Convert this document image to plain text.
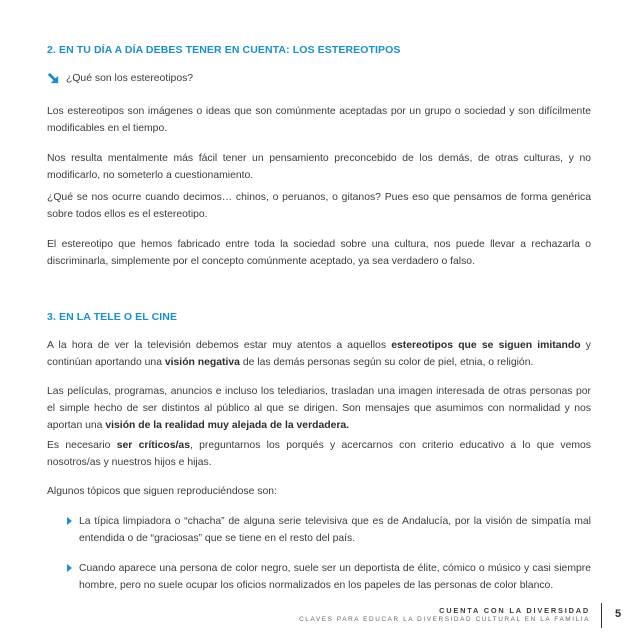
2. EN TU DÍA A DÍA DEBES TENER EN CUENTA: LOS ESTEREOTIPOS
¿Qué son los estereotipos?

Los estereotipos son imágenes o ideas que son comúnmente aceptadas por un grupo o sociedad y son difícilmente modificables en el tiempo.

Nos resulta mentalmente más fácil tener un pensamiento preconcebido de los demás, de otras culturas, y no modificarlo, no someterlo a cuestionamiento.

¿Qué se nos ocurre cuando decimos… chinos, o peruanos, o gitanos? Pues eso que pensamos de forma genérica sobre todos ellos es el estereotipo.

El estereotipo que hemos fabricado entre toda la sociedad sobre una cultura, nos puede llevar a rechazarla o discriminarla, simplemente por el concepto comúnmente aceptado, ya sea verdadero o falso.

3. EN LA TELE O EL CINE

A la hora de ver la televisión debemos estar muy atentos a aquellos estereotipos que se siguen imitando y continúan aportando una visión negativa de las demás personas según su color de piel, etnia, o religión.

Las películas, programas, anuncios e incluso los telediarios, trasladan una imagen interesada de otras personas por el simple hecho de ser distintos al público al que se dirigen. Son mensajes que asumimos con normalidad y nos aportan una visión de la realidad muy alejada de la verdadera.

Es necesario ser críticos/as, preguntarnos los porqués y acercarnos con criterio educativo a lo que vemos nosotros/as y nuestros hijos e hijas.

Algunos tópicos que siguen reproduciéndose son:

La típica limpiadora o “chacha” de alguna serie televisiva que es de Andalucía, por la visión de simpatía mal entendida o de “graciosas” que se tiene en el resto del país.
Cuando aparece una persona de color negro, suele ser un deportista de élite, cómico o músico y casi siempre hombre, pero no suele ocupar los oficios normalizados en los papeles de las personas de color blanco.
CUENTA CON LA DIVERSIDAD
CLAVES PARA EDUCAR LA DIVERSIDAD CULTURAL EN LA FAMILIA 5
